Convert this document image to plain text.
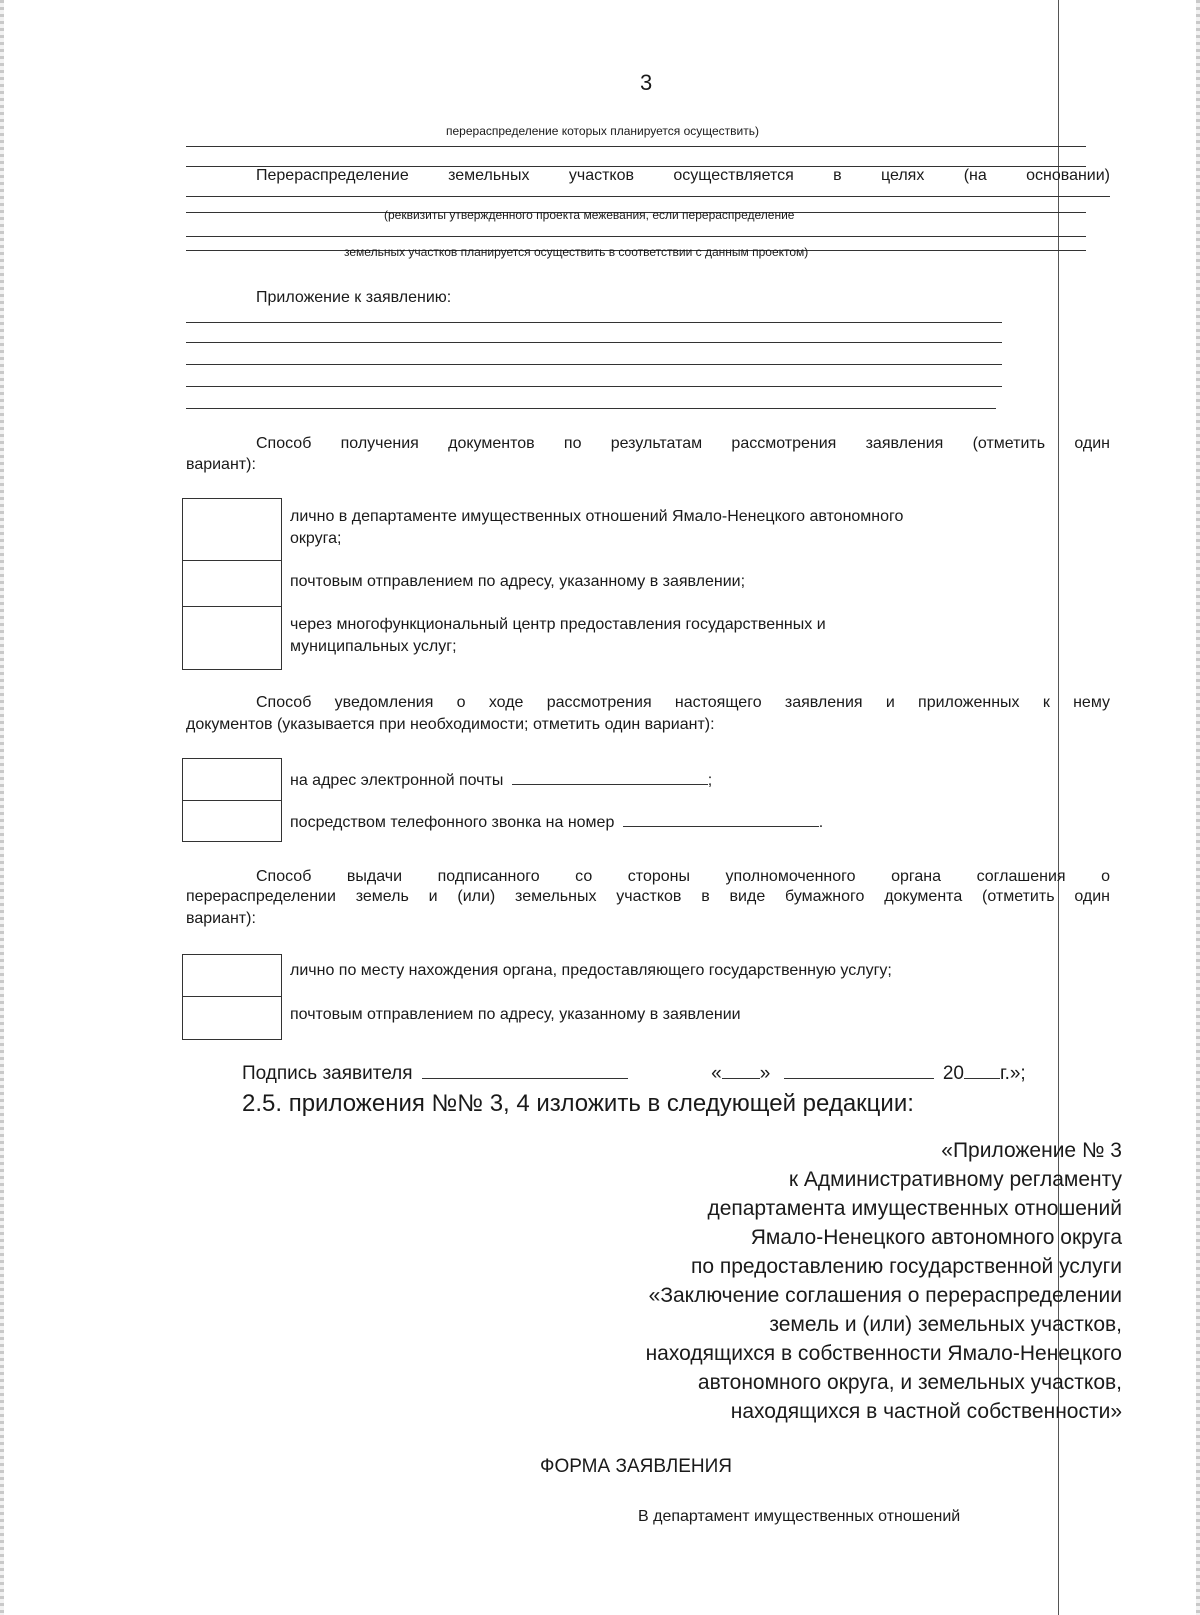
3
перераспределение которых планируется осуществить)
Перераспределение земельных участков осуществляется в целях (на основании)
(реквизиты утвержденного проекта межевания, если перераспределение
земельных участков планируется осуществить в соответствии с данным проектом)
Приложение к заявлению:
Способ получения документов по результатам рассмотрения заявления (отметить один
вариант):
лично в департаменте имущественных отношений Ямало-Ненецкого автономного
округа;
почтовым отправлением по адресу, указанному в заявлении;
через многофункциональный центр предоставления государственных и
муниципальных услуг;
Способ уведомления о ходе рассмотрения настоящего заявления и приложенных к нему
документов (указывается при необходимости; отметить один вариант):
на адрес электронной почты	;
посредством телефонного звонка на номер	.
Способ выдачи подписанного со стороны уполномоченного органа соглашения о
перераспределении земель и (или) земельных участков в виде бумажного документа (отметить один
вариант):
лично по месту нахождения органа, предоставляющего государственную услугу;
почтовым отправлением по адресу, указанному в заявлении
Подпись заявителя	« »	20 г.»;
2.5. приложения №№ 3, 4 изложить в следующей редакции:
«Приложение № 3
к Административному регламенту
департамента имущественных отношений
Ямало-Ненецкого автономного округа
по предоставлению государственной услуги
«Заключение соглашения о перераспределении
земель и (или) земельных участков,
находящихся в собственности Ямало-Ненецкого
автономного округа, и земельных участков,
находящихся в частной собственности»
ФОРМА ЗАЯВЛЕНИЯ
В департамент имущественных отношений
